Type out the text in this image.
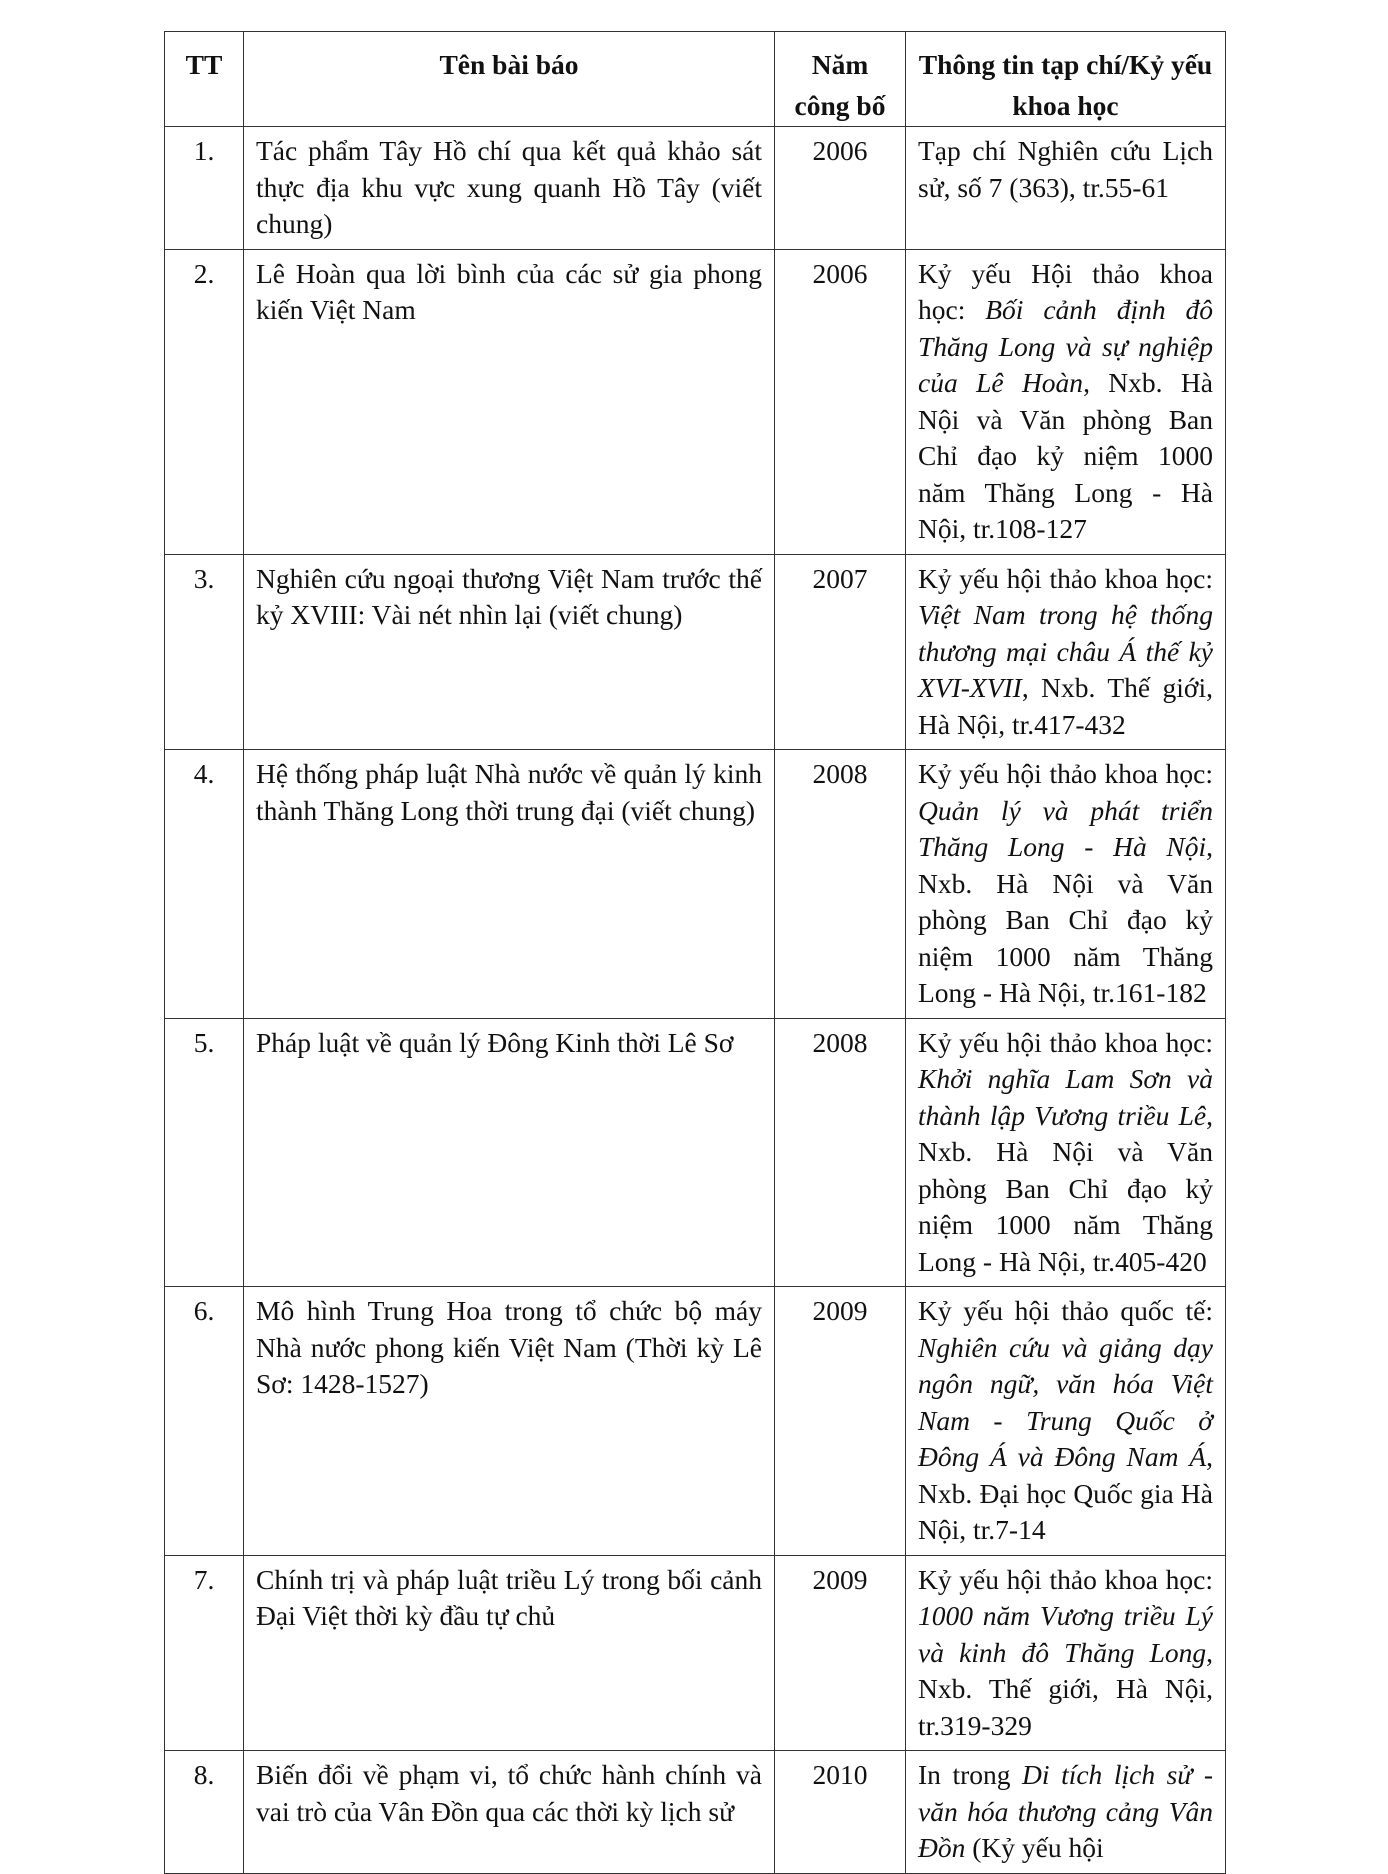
TT	Tên bài báo	Năm công bố	Thông tin tạp chí/Kỷ yếu khoa học
1.	Tác phẩm Tây Hồ chí qua kết quả khảo sát thực địa khu vực xung quanh Hồ Tây (viết chung)	2006	Tạp chí Nghiên cứu Lịch sử, số 7 (363), tr.55-61
2.	Lê Hoàn qua lời bình của các sử gia phong kiến Việt Nam	2006	Kỷ yếu Hội thảo khoa học: Bối cảnh định đô Thăng Long và sự nghiệp của Lê Hoàn, Nxb. Hà Nội và Văn phòng Ban Chỉ đạo kỷ niệm 1000 năm Thăng Long - Hà Nội, tr.108-127
3.	Nghiên cứu ngoại thương Việt Nam trước thế kỷ XVIII: Vài nét nhìn lại (viết chung)	2007	Kỷ yếu hội thảo khoa học: Việt Nam trong hệ thống thương mại châu Á thế kỷ XVI-XVII, Nxb. Thế giới, Hà Nội, tr.417-432
4.	Hệ thống pháp luật Nhà nước về quản lý kinh thành Thăng Long thời trung đại (viết chung)	2008	Kỷ yếu hội thảo khoa học: Quản lý và phát triển Thăng Long - Hà Nội, Nxb. Hà Nội và Văn phòng Ban Chỉ đạo kỷ niệm 1000 năm Thăng Long - Hà Nội, tr.161-182
5.	Pháp luật về quản lý Đông Kinh thời Lê Sơ	2008	Kỷ yếu hội thảo khoa học: Khởi nghĩa Lam Sơn và thành lập Vương triều Lê, Nxb. Hà Nội và Văn phòng Ban Chỉ đạo kỷ niệm 1000 năm Thăng Long - Hà Nội, tr.405-420
6.	Mô hình Trung Hoa trong tổ chức bộ máy Nhà nước phong kiến Việt Nam (Thời kỳ Lê Sơ: 1428-1527)	2009	Kỷ yếu hội thảo quốc tế: Nghiên cứu và giảng dạy ngôn ngữ, văn hóa Việt Nam - Trung Quốc ở Đông Á và Đông Nam Á, Nxb. Đại học Quốc gia Hà Nội, tr.7-14
7.	Chính trị và pháp luật triều Lý trong bối cảnh Đại Việt thời kỳ đầu tự chủ	2009	Kỷ yếu hội thảo khoa học: 1000 năm Vương triều Lý và kinh đô Thăng Long, Nxb. Thế giới, Hà Nội, tr.319-329
8.	Biến đổi về phạm vi, tổ chức hành chính và vai trò của Vân Đồn qua các thời kỳ lịch sử	2010	In trong Di tích lịch sử - văn hóa thương cảng Vân Đồn (Kỷ yếu hội
